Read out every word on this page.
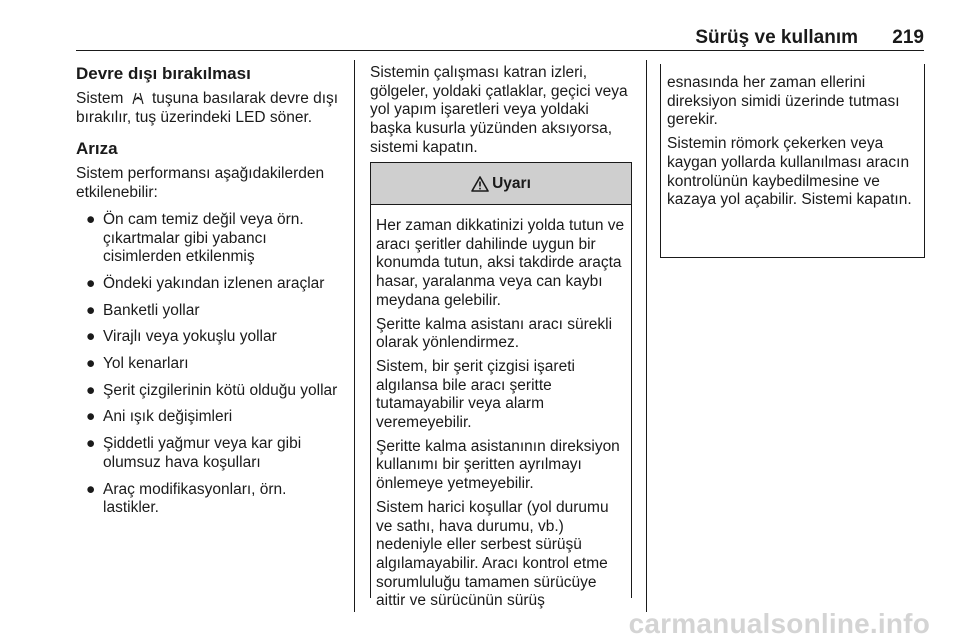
Sürüş ve kullanım 219
Devre dışı bırakılması

Sistem tuşuna basılarak devre dışı bırakılır, tuş üzerindeki LED söner.

Arıza

Sistem performansı aşağıdakilerden etkilenebilir:

● Ön cam temiz değil veya örn. çıkartmalar gibi yabancı cisimlerden etkilenmiş
● Öndeki yakından izlenen araçlar
● Banketli yollar
● Virajlı veya yokuşlu yollar
● Yol kenarları
● Şerit çizgilerinin kötü olduğu yollar
● Ani ışık değişimleri
● Şiddetli yağmur veya kar gibi olumsuz hava koşulları
● Araç modifikasyonları, örn. lastikler.

Sistemin çalışması katran izleri, gölgeler, yoldaki çatlaklar, geçici veya yol yapım işaretleri veya yoldaki başka kusurla yüzünden aksıyorsa, sistemi kapatın.

Uyarı

Her zaman dikkatinizi yolda tutun ve aracı şeritler dahilinde uygun bir konumda tutun, aksi takdirde araçta hasar, yaralanma veya can kaybı meydana gelebilir.

Şeritte kalma asistanı aracı sürekli olarak yönlendirmez.

Sistem, bir şerit çizgisi işareti algılansa bile aracı şeritte tutamayabilir veya alarm veremeyebilir.

Şeritte kalma asistanının direksiyon kullanımı bir şeritten ayrılmayı önlemeye yetmeyebilir.

Sistem harici koşullar (yol durumu ve sathı, hava durumu, vb.) nedeniyle eller serbest sürüşü algılamayabilir. Aracı kontrol etme sorumluluğu tamamen sürücüye aittir ve sürücünün sürüş

esnasında her zaman ellerini direksiyon simidi üzerinde tutması gerekir.

Sistemin römork çekerken veya kaygan yollarda kullanılması aracın kontrolünün kaybedilmesine ve kazaya yol açabilir. Sistemi kapatın.

carmanualsonline.info
